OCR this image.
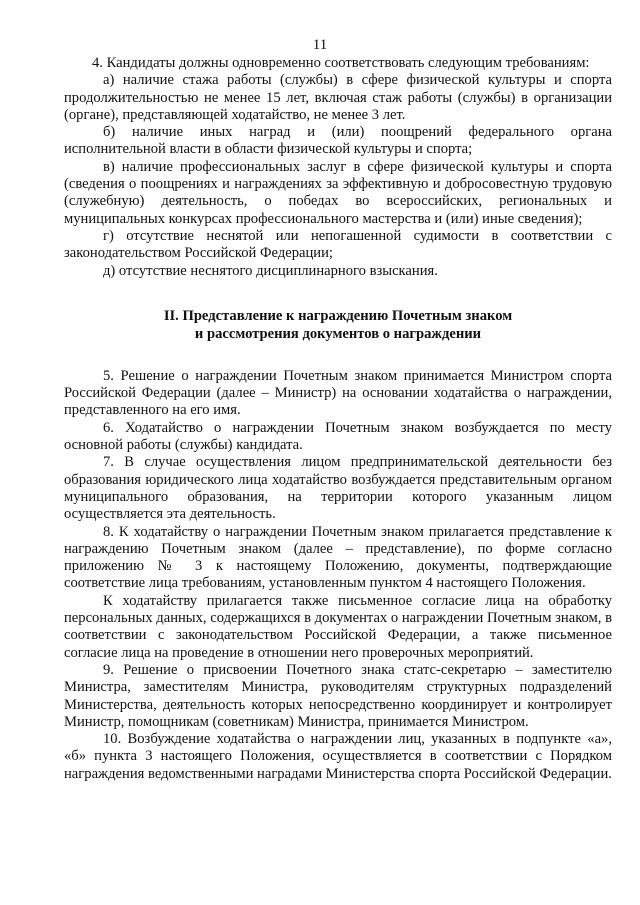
11

4. Кандидаты должны одновременно соответствовать следующим требованиям:

а) наличие стажа работы (службы) в сфере физической культуры и спорта продолжительностью не менее 15 лет, включая стаж работы (службы) в организации (органе), представляющей ходатайство, не менее 3 лет.

б) наличие иных наград и (или) поощрений федерального органа исполнительной власти в области физической культуры и спорта;

в) наличие профессиональных заслуг в сфере физической культуры и спорта (сведения о поощрениях и награждениях за эффективную и добросовестную трудовую (служебную) деятельность, о победах во всероссийских, региональных и муниципальных конкурсах профессионального мастерства и (или) иные сведения);

г) отсутствие неснятой или непогашенной судимости в соответствии с законодательством Российской Федерации;

д) отсутствие неснятого дисциплинарного взыскания.

II. Представление к награждению Почетным знаком
и рассмотрения документов о награждении

5. Решение о награждении Почетным знаком принимается Министром спорта Российской Федерации (далее – Министр) на основании ходатайства о награждении, представленного на его имя.

6. Ходатайство о награждении Почетным знаком возбуждается по месту основной работы (службы) кандидата.

7. В случае осуществления лицом предпринимательской деятельности без образования юридического лица ходатайство возбуждается представительным органом муниципального образования, на территории которого указанным лицом осуществляется эта деятельность.

8. К ходатайству о награждении Почетным знаком прилагается представление к награждению Почетным знаком (далее – представление), по форме согласно приложению № 3 к настоящему Положению, документы, подтверждающие соответствие лица требованиям, установленным пунктом 4 настоящего Положения.

К ходатайству прилагается также письменное согласие лица на обработку персональных данных, содержащихся в документах о награждении Почетным знаком, в соответствии с законодательством Российской Федерации, а также письменное согласие лица на проведение в отношении него проверочных мероприятий.

9. Решение о присвоении Почетного знака статс-секретарю – заместителю Министра, заместителям Министра, руководителям структурных подразделений Министерства, деятельность которых непосредственно координирует и контролирует Министр, помощникам (советникам) Министра, принимается Министром.

10. Возбуждение ходатайства о награждении лиц, указанных в подпункте «а», «б» пункта 3 настоящего Положения, осуществляется в соответствии с Порядком награждения ведомственными наградами Министерства спорта Российской Федерации.
